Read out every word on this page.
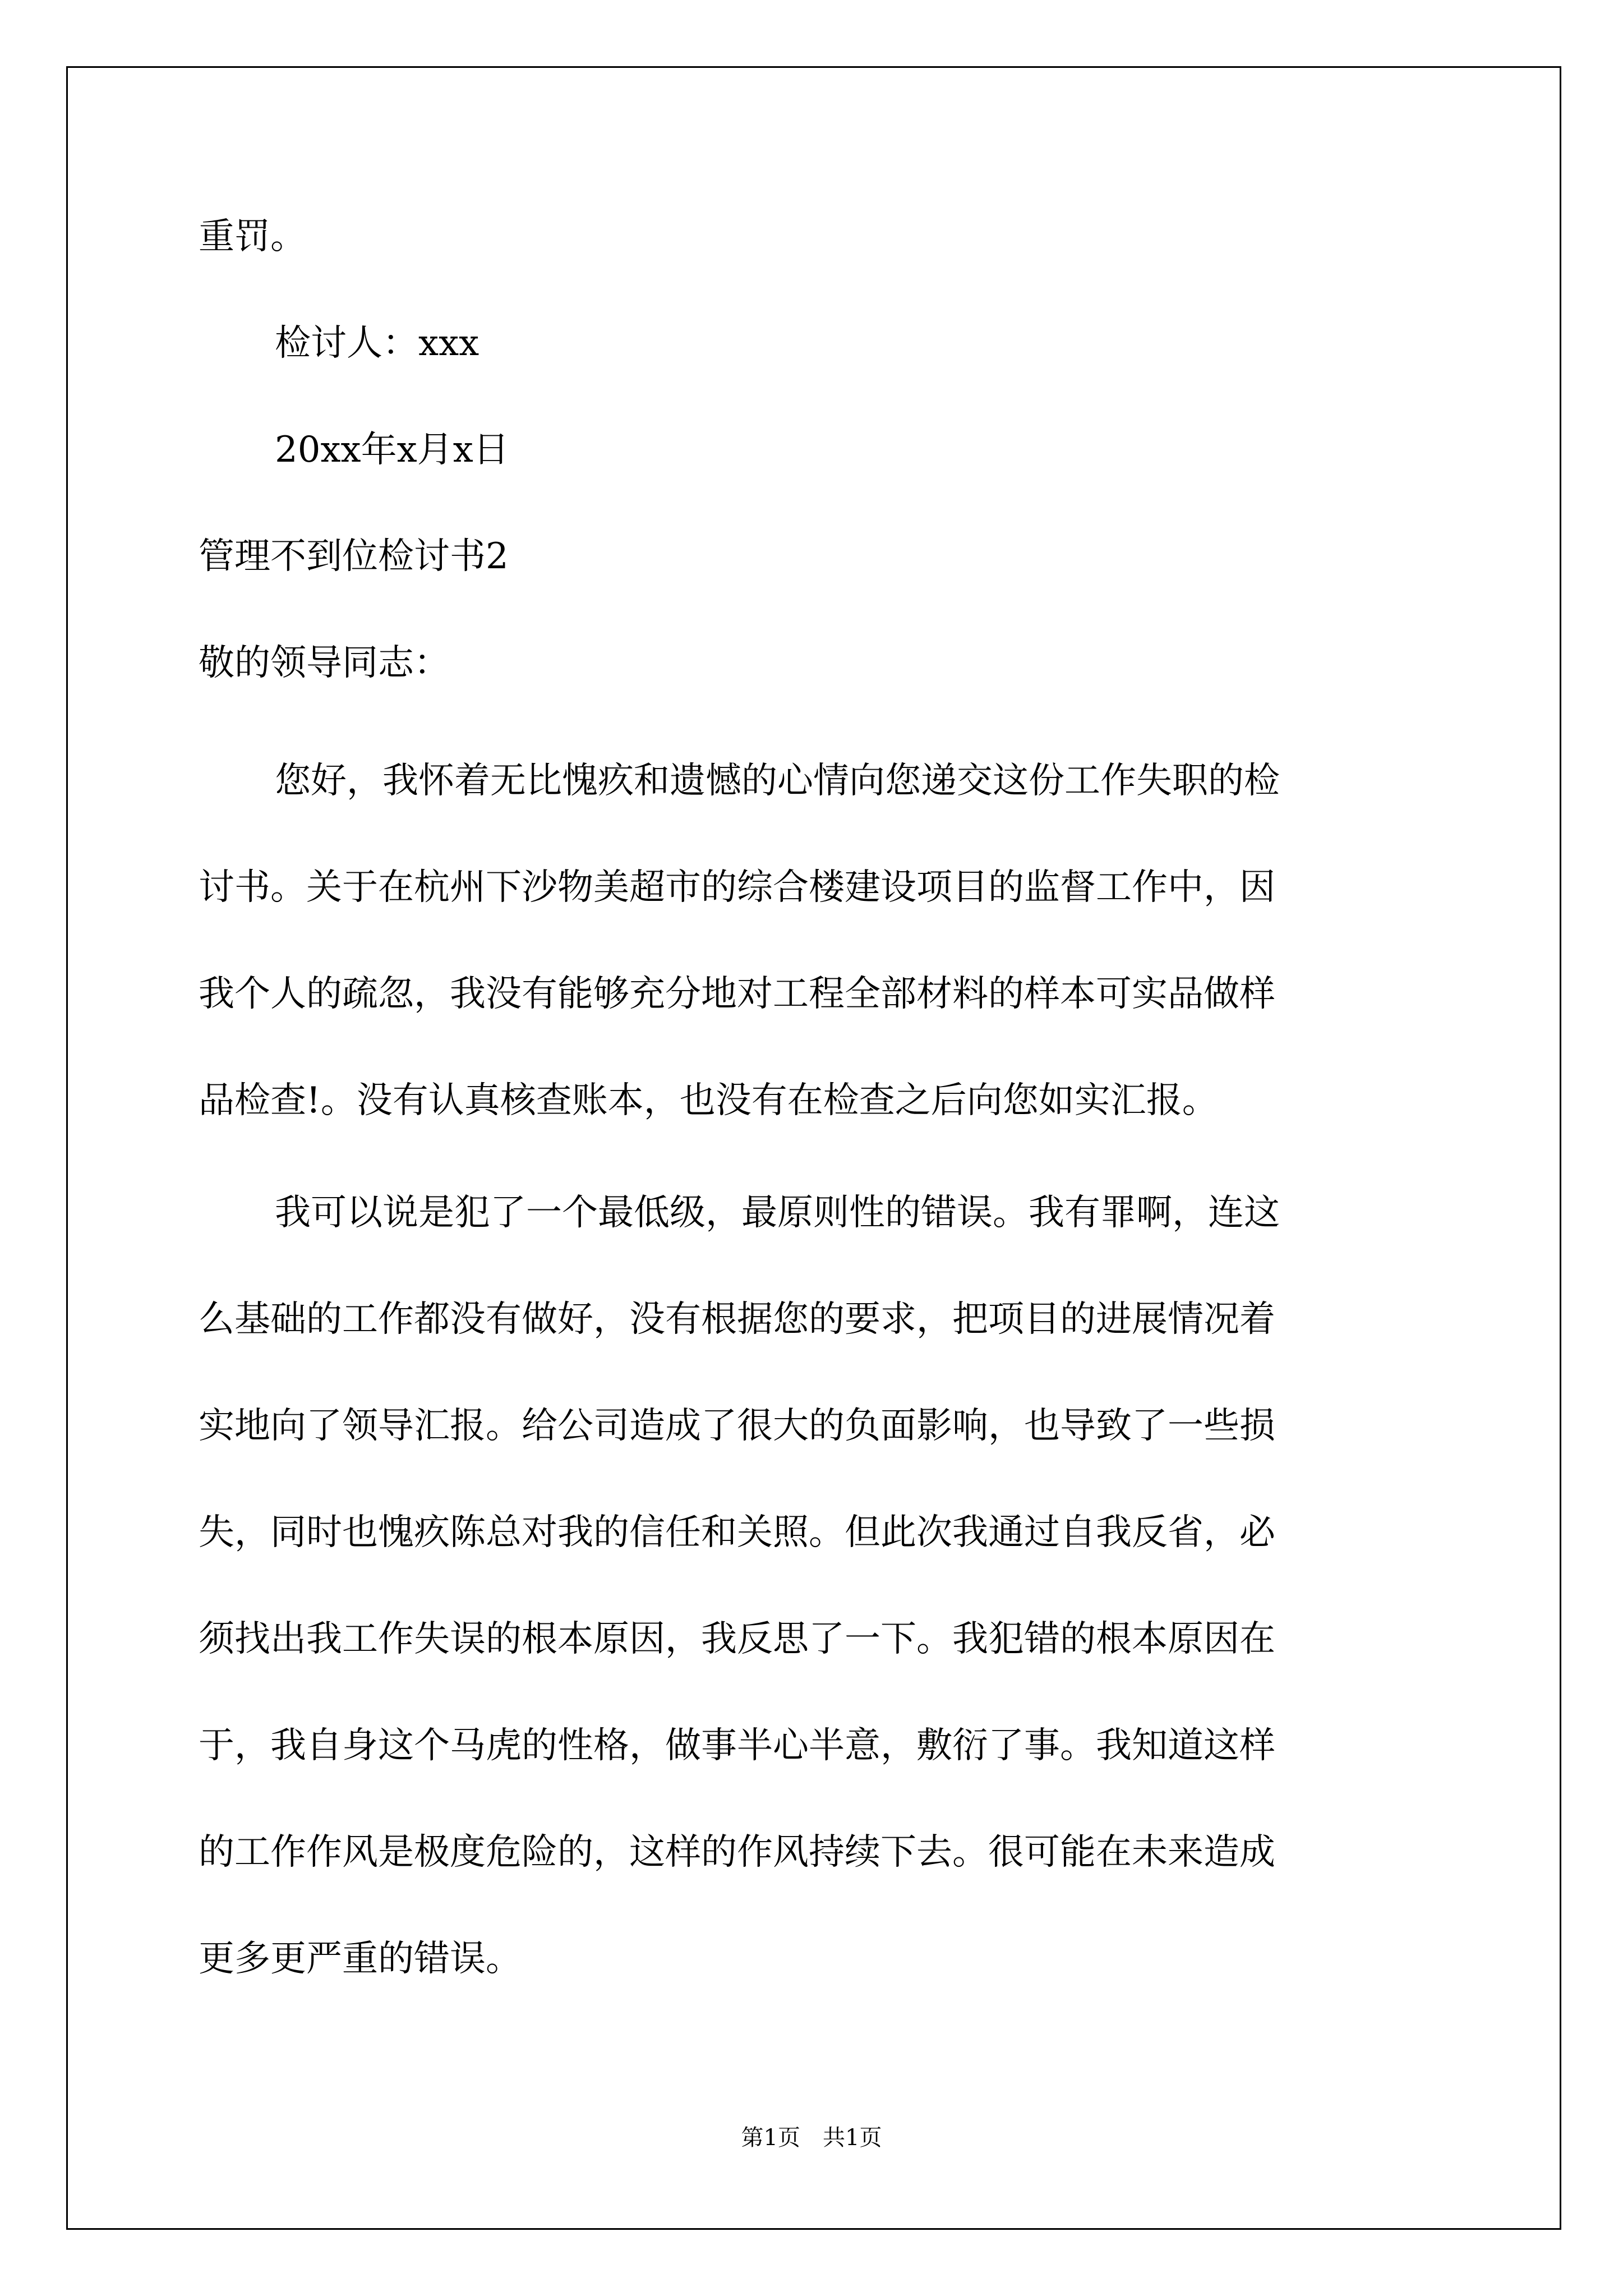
重罚。
检讨人：xxx
20xx年x月x日
管理不到位检讨书2
敬的领导同志：
您好，我怀着无比愧疚和遗憾的心情向您递交这份工作失职的检
讨书。关于在杭州下沙物美超市的综合楼建设项目的监督工作中，因
我个人的疏忽，我没有能够充分地对工程全部材料的样本可实品做样
品检查!。没有认真核查账本，也没有在检查之后向您如实汇报。
我可以说是犯了一个最低级，最原则性的错误。我有罪啊，连这
么基础的工作都没有做好，没有根据您的要求，把项目的进展情况着
实地向了领导汇报。给公司造成了很大的负面影响，也导致了一些损
失，同时也愧疚陈总对我的信任和关照。但此次我通过自我反省，必
须找出我工作失误的根本原因，我反思了一下。我犯错的根本原因在
于，我自身这个马虎的性格，做事半心半意，敷衍了事。我知道这样
的工作作风是极度危险的，这样的作风持续下去。很可能在未来造成
更多更严重的错误。
第1页　共1页
